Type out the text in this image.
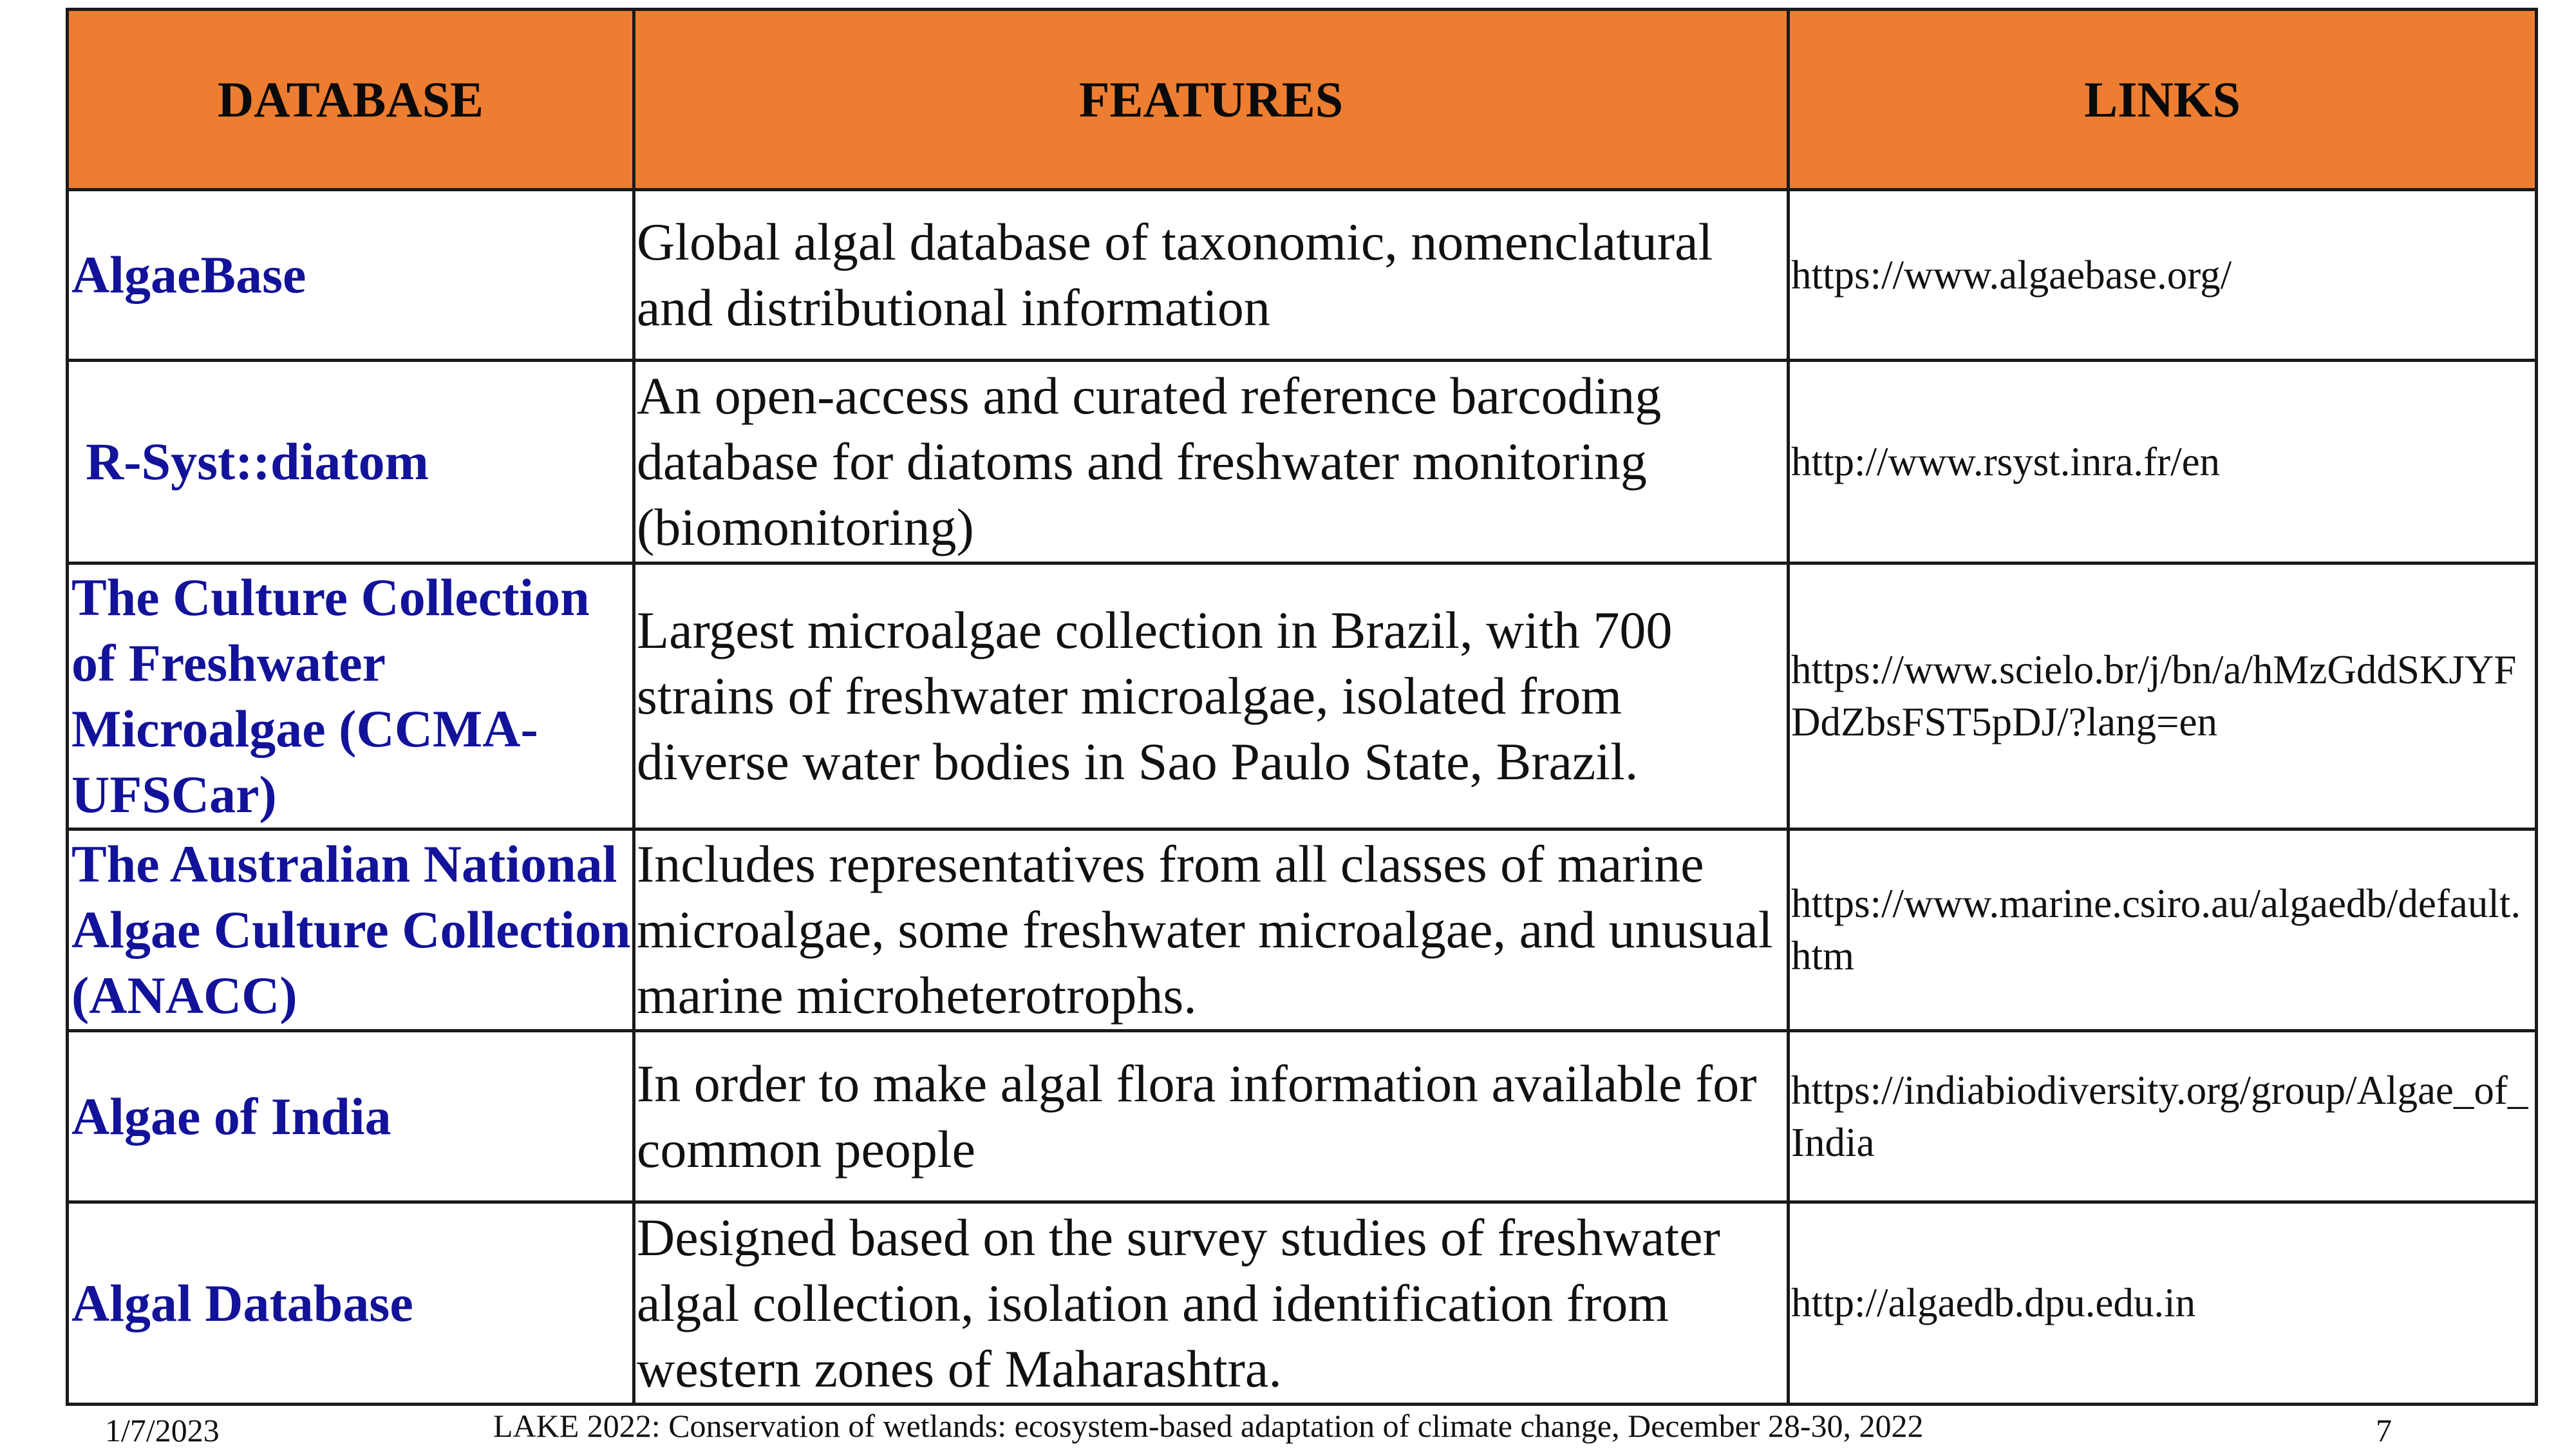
DATABASE	FEATURES	LINKS
AlgaeBase	Global algal database of taxonomic, nomenclatural and distributional information	https://www.algaebase.org/
R-Syst::diatom	An open-access and curated reference barcoding database for diatoms and freshwater monitoring (biomonitoring)	http://www.rsyst.inra.fr/en
The Culture Collection of Freshwater Microalgae (CCMA-UFSCar)	Largest microalgae collection in Brazil, with 700 strains of freshwater microalgae, isolated from diverse water bodies in Sao Paulo State, Brazil.	https://www.scielo.br/j/bn/a/hMzGddSKJYFDdZbsFST5pDJ/?lang=en
The Australian National Algae Culture Collection (ANACC)	Includes representatives from all classes of marine microalgae, some freshwater microalgae, and unusual marine microheterotrophs.	https://www.marine.csiro.au/algaedb/default.htm
Algae of India	In order to make algal flora information available for common people	https://indiabiodiversity.org/group/Algae_of_India
Algal Database	Designed based on the survey studies of freshwater algal collection, isolation and identification from western zones of Maharashtra.	http://algaedb.dpu.edu.in
1/7/2023	LAKE 2022: Conservation of wetlands: ecosystem-based adaptation of climate change, December 28-30, 2022	7
